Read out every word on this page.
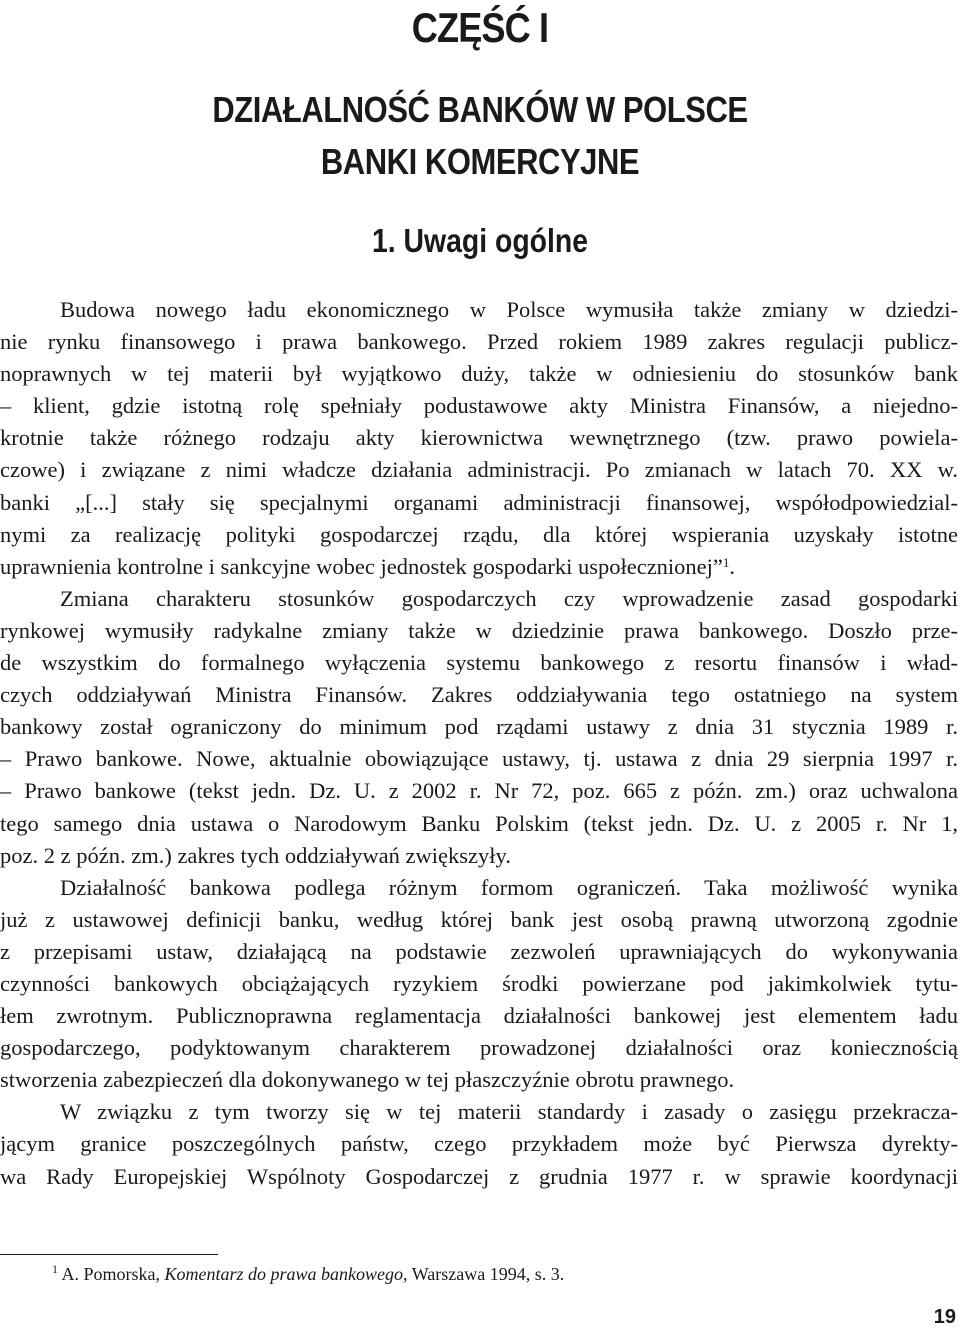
CZĘŚĆ I
DZIAŁALNOŚĆ BANKÓW W POLSCE
BANKI KOMERCYJNE
1. Uwagi ogólne
Budowa nowego ładu ekonomicznego w Polsce wymusiła także zmiany w dziedzi-
nie rynku finansowego i prawa bankowego. Przed rokiem 1989 zakres regulacji publicz-
noprawnych w tej materii był wyjątkowo duży, także w odniesieniu do stosunków bank
– klient, gdzie istotną rolę spełniały podustawowe akty Ministra Finansów, a niejedno-
krotnie także różnego rodzaju akty kierownictwa wewnętrznego (tzw. prawo powiela-
czowe) i związane z nimi władcze działania administracji. Po zmianach w latach 70. XX w.
banki „[...] stały się specjalnymi organami administracji finansowej, współodpowiedzial-
nymi za realizację polityki gospodarczej rządu, dla której wspierania uzyskały istotne
uprawnienia kontrolne i sankcyjne wobec jednostek gospodarki uspołecznionej”$^1$.
Zmiana charakteru stosunków gospodarczych czy wprowadzenie zasad gospodarki
rynkowej wymusiły radykalne zmiany także w dziedzinie prawa bankowego. Doszło prze-
de wszystkim do formalnego wyłączenia systemu bankowego z resortu finansów i wład-
czych oddziaływań Ministra Finansów. Zakres oddziaływania tego ostatniego na system
bankowy został ograniczony do minimum pod rządami ustawy z dnia 31 stycznia 1989 r.
– Prawo bankowe. Nowe, aktualnie obowiązujące ustawy, tj. ustawa z dnia 29 sierpnia 1997 r.
– Prawo bankowe (tekst jedn. Dz. U. z 2002 r. Nr 72, poz. 665 z późn. zm.) oraz uchwalona
tego samego dnia ustawa o Narodowym Banku Polskim (tekst jedn. Dz. U. z 2005 r. Nr 1,
poz. 2 z późn. zm.) zakres tych oddziaływań zwiększyły.
Działalność bankowa podlega różnym formom ograniczeń. Taka możliwość wynika
już z ustawowej definicji banku, według której bank jest osobą prawną utworzoną zgodnie
z przepisami ustaw, działającą na podstawie zezwoleń uprawniających do wykonywania
czynności bankowych obciążających ryzykiem środki powierzane pod jakimkolwiek tytu-
łem zwrotnym. Publicznoprawna reglamentacja działalności bankowej jest elementem ładu
gospodarczego, podyktowanym charakterem prowadzonej działalności oraz koniecznością
stworzenia zabezpieczeń dla dokonywanego w tej płaszczyźnie obrotu prawnego.
W związku z tym tworzy się w tej materii standardy i zasady o zasięgu przekracza-
jącym granice poszczególnych państw, czego przykładem może być Pierwsza dyrekty-
wa Rady Europejskiej Wspólnoty Gospodarczej z grudnia 1977 r. w sprawie koordynacji
$^1$ A. Pomorska, Komentarz do prawa bankowego, Warszawa 1994, s. 3.
19
